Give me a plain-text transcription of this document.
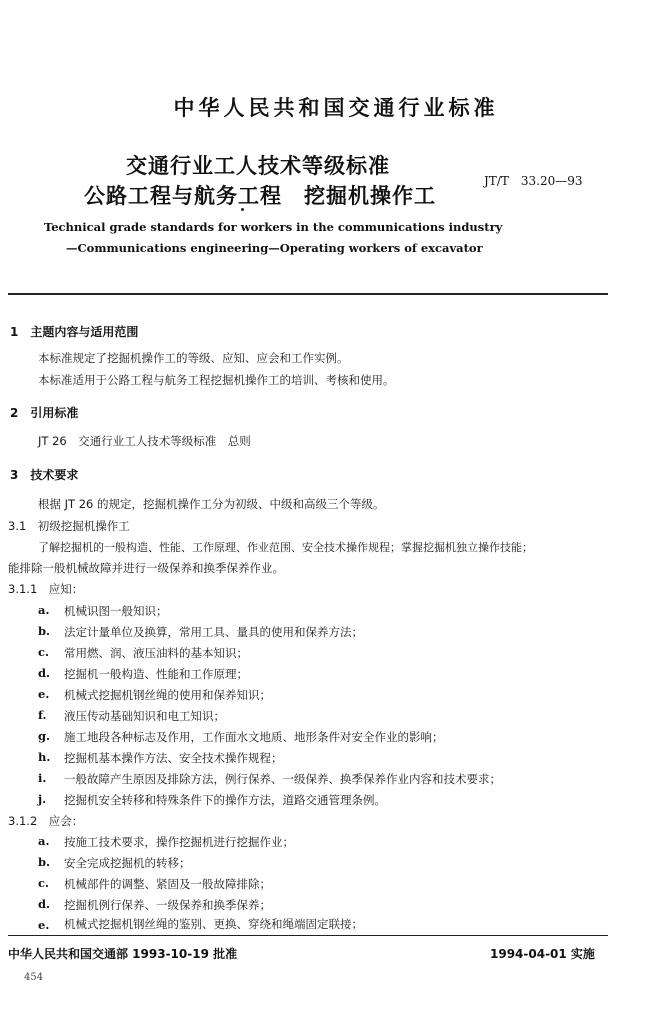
中华人民共和国交通行业标准
交通行业工人技术等级标准
公路工程与航务工程　挖掘机操作工
JT/T　33.20—93
Technical grade standards for workers in the communications industry
—Communications engineering—Operating workers of excavator
1　主题内容与适用范围
本标准规定了挖掘机操作工的等级、应知、应会和工作实例。
本标准适用于公路工程与航务工程挖掘机操作工的培训、考核和使用。
2　引用标准
JT 26　交通行业工人技术等级标准　总则
3　技术要求
根据 JT 26 的规定，挖掘机操作工分为初级、中级和高级三个等级。
3.1　初级挖掘机操作工
了解挖掘机的一般构造、性能、工作原理、作业范围、安全技术操作规程；掌握挖掘机独立操作技能；
能排除一般机械故障并进行一级保养和换季保养作业。
3.1.1　应知：
a. 机械识图一般知识；
b. 法定计量单位及换算，常用工具、量具的使用和保养方法；
c. 常用燃、润、液压油料的基本知识；
d. 挖掘机一般构造、性能和工作原理；
e. 机械式挖掘机钢丝绳的使用和保养知识；
f. 液压传动基础知识和电工知识；
g. 施工地段各种标志及作用，工作面水文地质、地形条件对安全作业的影响；
h. 挖掘机基本操作方法、安全技术操作规程；
i. 一般故障产生原因及排除方法，例行保养、一级保养、换季保养作业内容和技术要求；
j. 挖掘机安全转移和特殊条件下的操作方法，道路交通管理条例。
3.1.2　应会：
a. 按施工技术要求，操作挖掘机进行挖掘作业；
b. 安全完成挖掘机的转移；
c. 机械部件的调整、紧固及一般故障排除；
d. 挖掘机例行保养、一级保养和换季保养；
e. 机械式挖掘机钢丝绳的鉴别、更换、穿绕和绳端固定联接；
中华人民共和国交通部 1993-10-19 批准	1994-04-01 实施
454
